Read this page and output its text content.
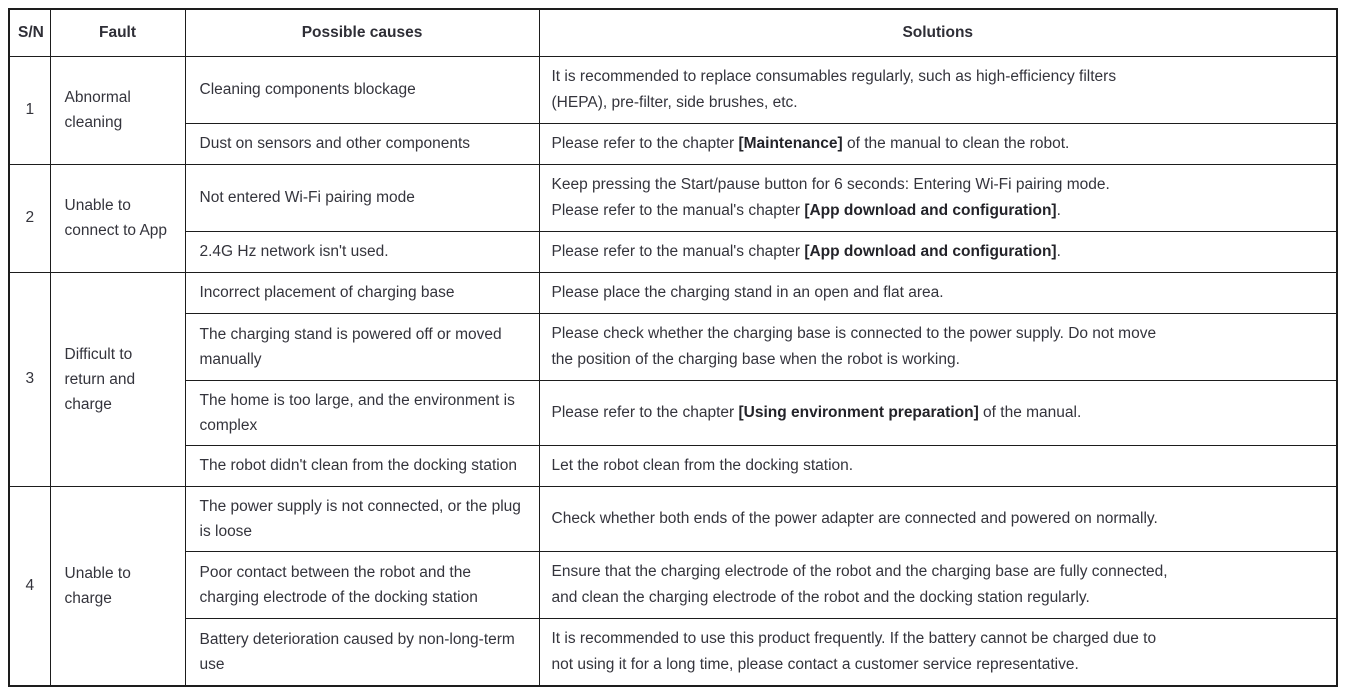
S/N	Fault	Possible causes	Solutions
1	Abnormal cleaning	Cleaning components blockage	It is recommended to replace consumables regularly, such as high-efficiency filters
(HEPA), pre-filter, side brushes, etc.

		Dust on sensors and other components	Please refer to the chapter [Maintenance] of the manual to clean the robot.

2	Unable to connect to App	Not entered Wi-Fi pairing mode	Keep pressing the Start/pause button for 6 seconds: Entering Wi-Fi pairing mode.
Please refer to the manual's chapter [App download and configuration].

		2.4G Hz network isn't used.	Please refer to the manual's chapter [App download and configuration].

3	Difficult to return and charge	Incorrect placement of charging base	Please place the charging stand in an open and flat area.

		The charging stand is powered off or moved manually	Please check whether the charging base is connected to the power supply. Do not move
the position of the charging base when the robot is working.

		The home is too large, and the environment is complex	Please refer to the chapter [Using environment preparation] of the manual.

		The robot didn't clean from the docking station	Let the robot clean from the docking station.

4	Unable to charge	The power supply is not connected, or the plug is loose	Check whether both ends of the power adapter are connected and powered on normally.

		Poor contact between the robot and the charging electrode of the docking station	Ensure that the charging electrode of the robot and the charging base are fully connected,
and clean the charging electrode of the robot and the docking station regularly.

		Battery deterioration caused by non-long-term use	It is recommended to use this product frequently. If the battery cannot be charged due to
not using it for a long time, please contact a customer service representative.
